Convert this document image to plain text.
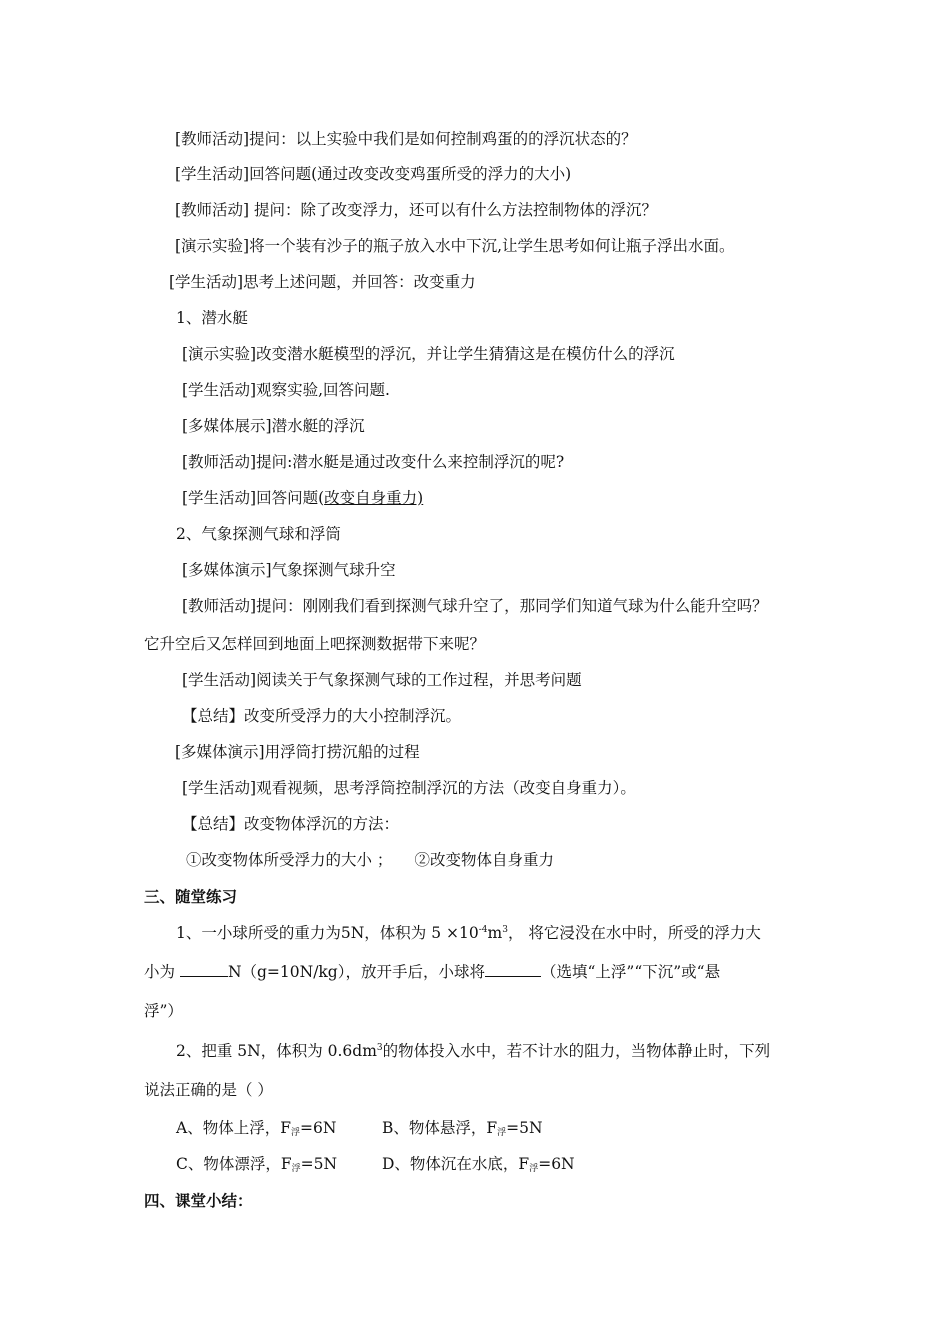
[教师活动]提问：以上实验中我们是如何控制鸡蛋的的浮沉状态的？
[学生活动]回答问题(通过改变改变鸡蛋所受的浮力的大小)
[教师活动] 提问：除了改变浮力，还可以有什么方法控制物体的浮沉？
[演示实验]将一个装有沙子的瓶子放入水中下沉,让学生思考如何让瓶子浮出水面。
[学生活动]思考上述问题，并回答：改变重力
1、潜水艇
[演示实验]改变潜水艇模型的浮沉，并让学生猜猜这是在模仿什么的浮沉
[学生活动]观察实验,回答问题.
[多媒体展示]潜水艇的浮沉
[教师活动]提问:潜水艇是通过改变什么来控制浮沉的呢?
[学生活动]回答问题(改变自身重力)
2、气象探测气球和浮筒
[多媒体演示]气象探测气球升空
[教师活动]提问：刚刚我们看到探测气球升空了，那同学们知道气球为什么能升空吗？
它升空后又怎样回到地面上吧探测数据带下来呢？
[学生活动]阅读关于气象探测气球的工作过程，并思考问题
【总结】改变所受浮力的大小控制浮沉。
[多媒体演示]用浮筒打捞沉船的过程
[学生活动]观看视频，思考浮筒控制浮沉的方法（改变自身重力）。
【总结】改变物体浮沉的方法：
①改变物体所受浮力的大小 ； ②改变物体自身重力
三、随堂练习
1、一小球所受的重力为5N，体积为 $5 \times 10^{-4}m^3$， 将它浸没在水中时，所受的浮力大
小为	N（g=10N/kg），放开手后，小球将	（选填“上浮”“下沉”或“悬
浮”）
2、把重 5N，体积为 $0.6dm^3$的物体投入水中，若不计水的阻力，当物体静止时，下列
说法正确的是（ ）
A、物体上浮，$F_浮=6N$	B、物体悬浮，$F_浮=5N$
C、物体漂浮，$F_浮=5N$	D、物体沉在水底，$F_浮=6N$
四、课堂小结：
